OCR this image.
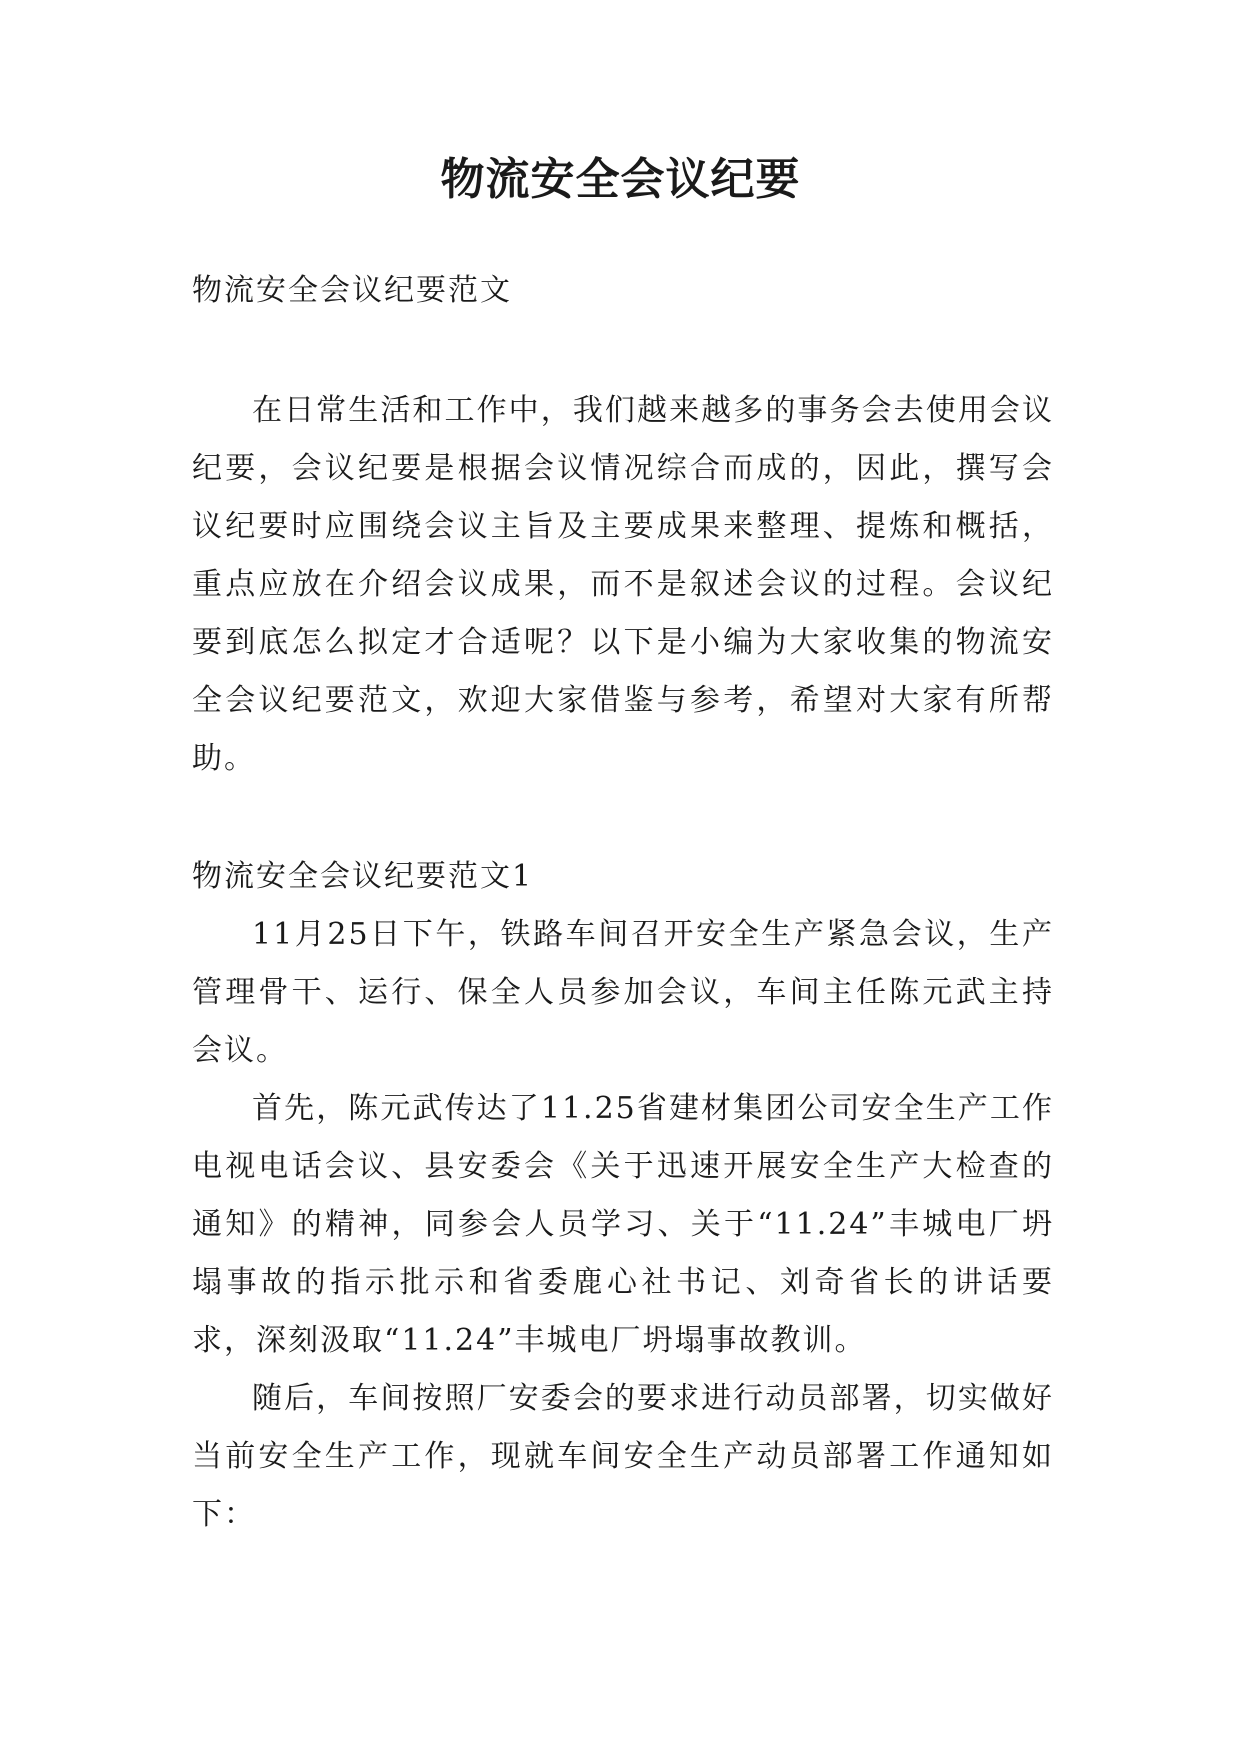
物流安全会议纪要

物流安全会议纪要范文

在日常生活和工作中，我们越来越多的事务会去使用会议纪要，会议纪要是根据会议情况综合而成的，因此，撰写会议纪要时应围绕会议主旨及主要成果来整理、提炼和概括，重点应放在介绍会议成果，而不是叙述会议的过程。会议纪要到底怎么拟定才合适呢？以下是小编为大家收集的物流安全会议纪要范文，欢迎大家借鉴与参考，希望对大家有所帮助。

物流安全会议纪要范文1

11月25日下午，铁路车间召开安全生产紧急会议，生产管理骨干、运行、保全人员参加会议，车间主任陈元武主持会议。

首先，陈元武传达了11.25省建材集团公司安全生产工作电视电话会议、县安委会《关于迅速开展安全生产大检查的通知》的精神，同参会人员学习、关于“11.24”丰城电厂坍塌事故的指示批示和省委鹿心社书记、刘奇省长的讲话要求，深刻汲取“11.24”丰城电厂坍塌事故教训。

随后，车间按照厂安委会的要求进行动员部署，切实做好当前安全生产工作，现就车间安全生产动员部署工作通知如下：
